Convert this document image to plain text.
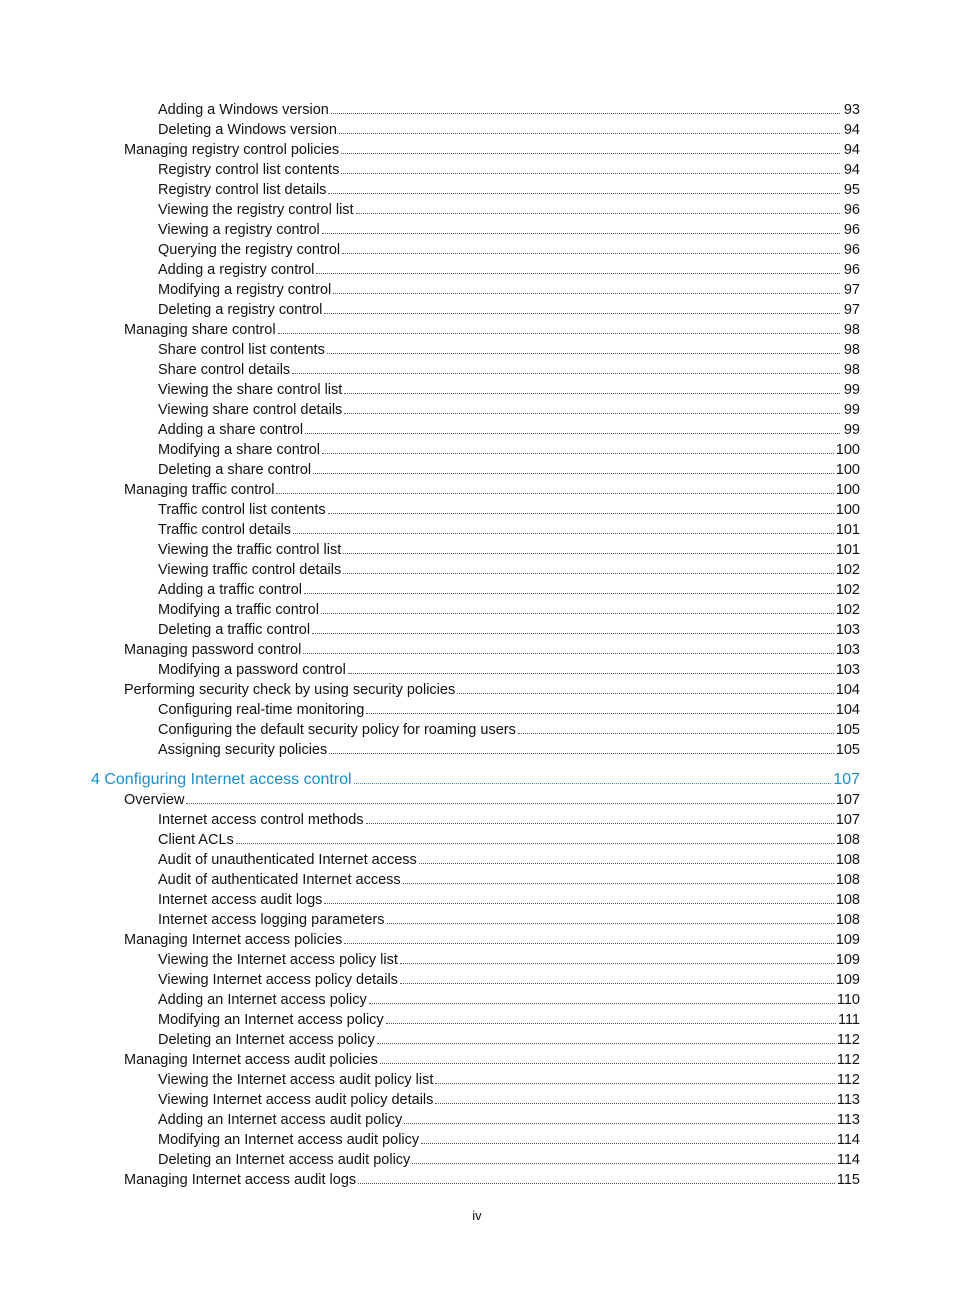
Adding a Windows version	93
Deleting a Windows version	94
Managing registry control policies	94
Registry control list contents	94
Registry control list details	95
Viewing the registry control list	96
Viewing a registry control	96
Querying the registry control	96
Adding a registry control	96
Modifying a registry control	97
Deleting a registry control	97
Managing share control	98
Share control list contents	98
Share control details	98
Viewing the share control list	99
Viewing share control details	99
Adding a share control	99
Modifying a share control	100
Deleting a share control	100
Managing traffic control	100
Traffic control list contents	100
Traffic control details	101
Viewing the traffic control list	101
Viewing traffic control details	102
Adding a traffic control	102
Modifying a traffic control	102
Deleting a traffic control	103
Managing password control	103
Modifying a password control	103
Performing security check by using security policies	104
Configuring real-time monitoring	104
Configuring the default security policy for roaming users	105
Assigning security policies	105
4 Configuring Internet access control	107
Overview	107
Internet access control methods	107
Client ACLs	108
Audit of unauthenticated Internet access	108
Audit of authenticated Internet access	108
Internet access audit logs	108
Internet access logging parameters	108
Managing Internet access policies	109
Viewing the Internet access policy list	109
Viewing Internet access policy details	109
Adding an Internet access policy	110
Modifying an Internet access policy	111
Deleting an Internet access policy	112
Managing Internet access audit policies	112
Viewing the Internet access audit policy list	112
Viewing Internet access audit policy details	113
Adding an Internet access audit policy	113
Modifying an Internet access audit policy	114
Deleting an Internet access audit policy	114
Managing Internet access audit logs	115
iv
